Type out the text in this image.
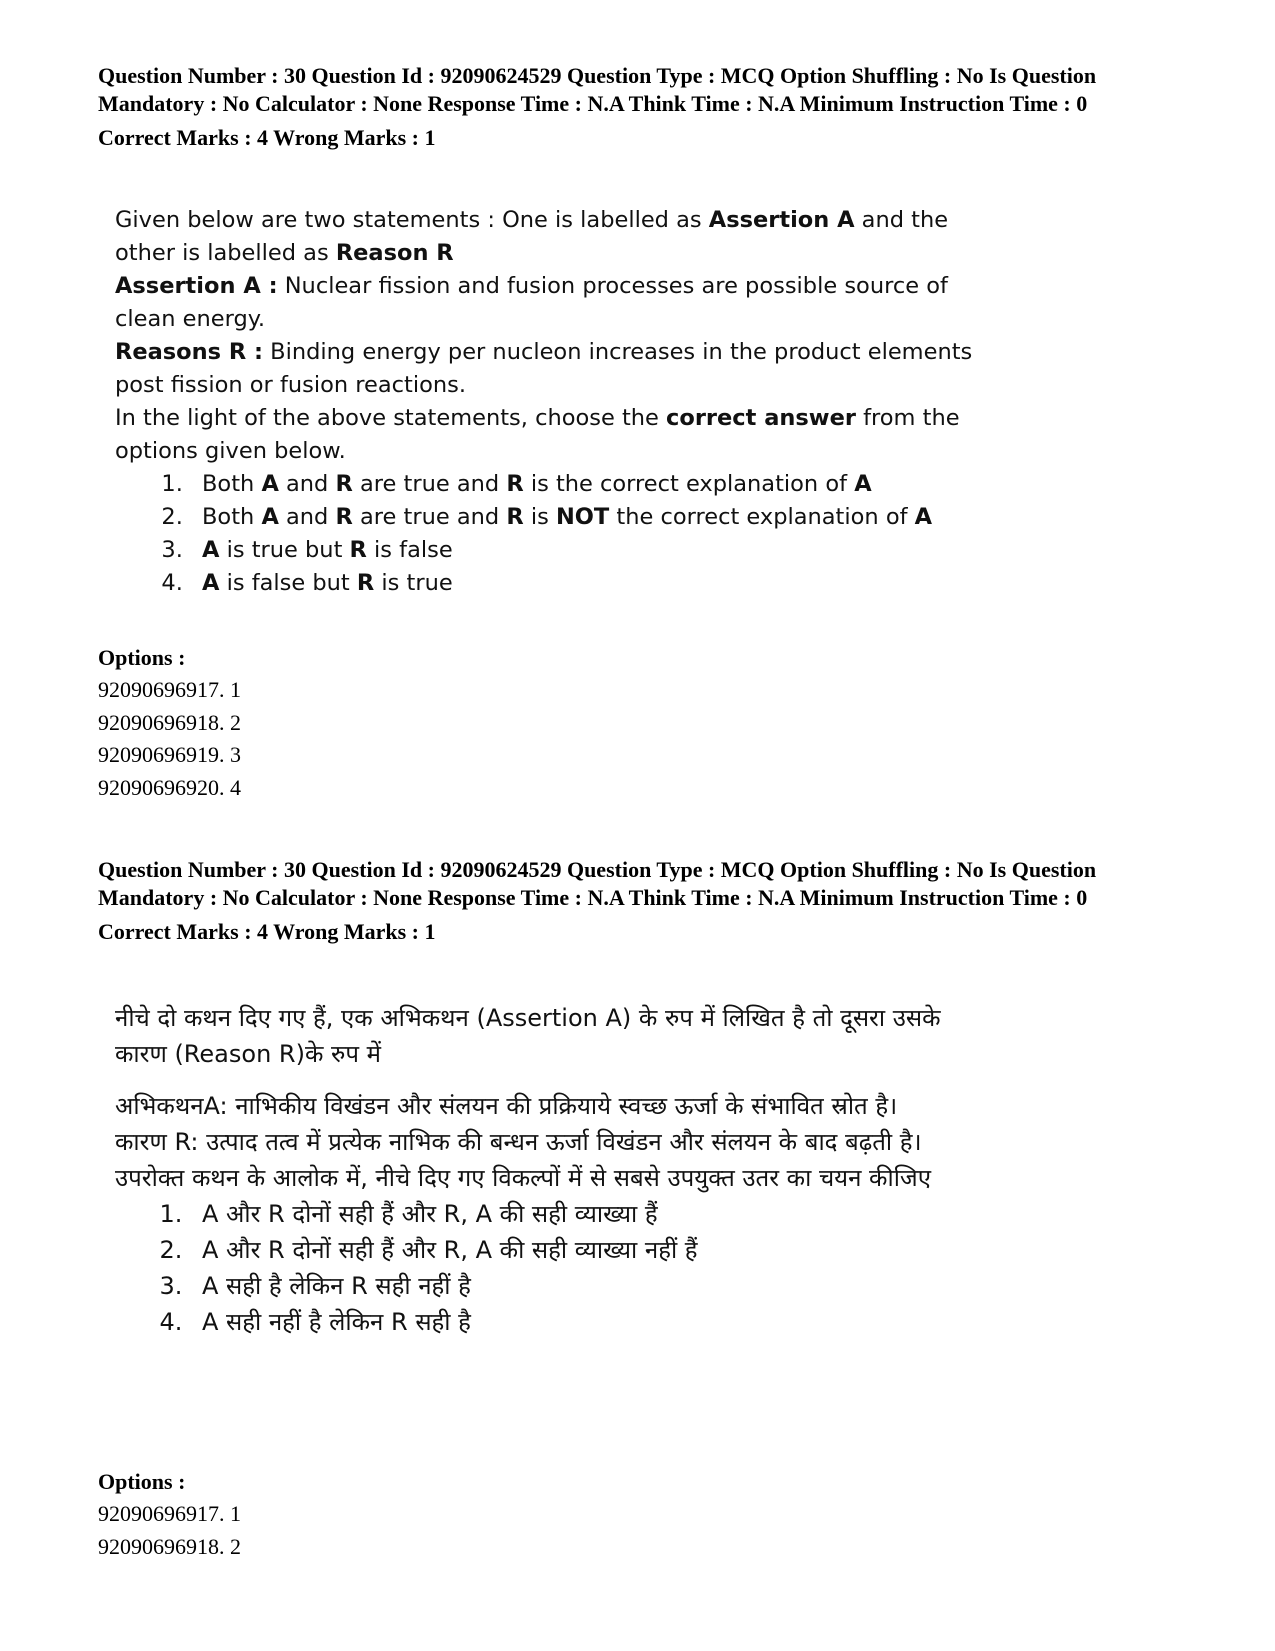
Question Number : 30 Question Id : 92090624529 Question Type : MCQ Option Shuffling : No Is Question Mandatory : No Calculator : None Response Time : N.A Think Time : N.A Minimum Instruction Time : 0

Correct Marks : 4 Wrong Marks : 1

Given below are two statements : One is labelled as Assertion A and the other is labelled as Reason R

Assertion A : Nuclear fission and fusion processes are possible source of clean energy.

Reasons R : Binding energy per nucleon increases in the product elements post fission or fusion reactions.

In the light of the above statements, choose the correct answer from the options given below.

1. Both A and R are true and R is the correct explanation of A
2. Both A and R are true and R is NOT the correct explanation of A
3. A is true but R is false
4. A is false but R is true
Options :
92090696917. 1
92090696918. 2
92090696919. 3
92090696920. 4

Question Number : 30 Question Id : 92090624529 Question Type : MCQ Option Shuffling : No Is Question Mandatory : No Calculator : None Response Time : N.A Think Time : N.A Minimum Instruction Time : 0

Correct Marks : 4 Wrong Marks : 1

नीचे दो कथन दिए गए हैं, एक अभिकथन (Assertion A) के रुप में लिखित है तो दूसरा उसके कारण (Reason R)के रुप में

अभिकथनA: नाभिकीय विखंडन और संलयन की प्रक्रियाये स्वच्छ ऊर्जा के संभावित स्रोत है।

कारण R: उत्पाद तत्व में प्रत्येक नाभिक की बन्धन ऊर्जा विखंडन और संलयन के बाद बढ़ती है।

उपरोक्त कथन के आलोक में, नीचे दिए गए विकल्पों में से सबसे उपयुक्त उतर का चयन कीजिए

1. A और R दोनों सही हैं और R, A की सही व्याख्या हैं
2. A और R दोनों सही हैं और R, A की सही व्याख्या नहीं हैं
3. A सही है लेकिन R सही नहीं है
4. A सही नहीं है लेकिन R सही है
Options :
92090696917. 1
92090696918. 2
